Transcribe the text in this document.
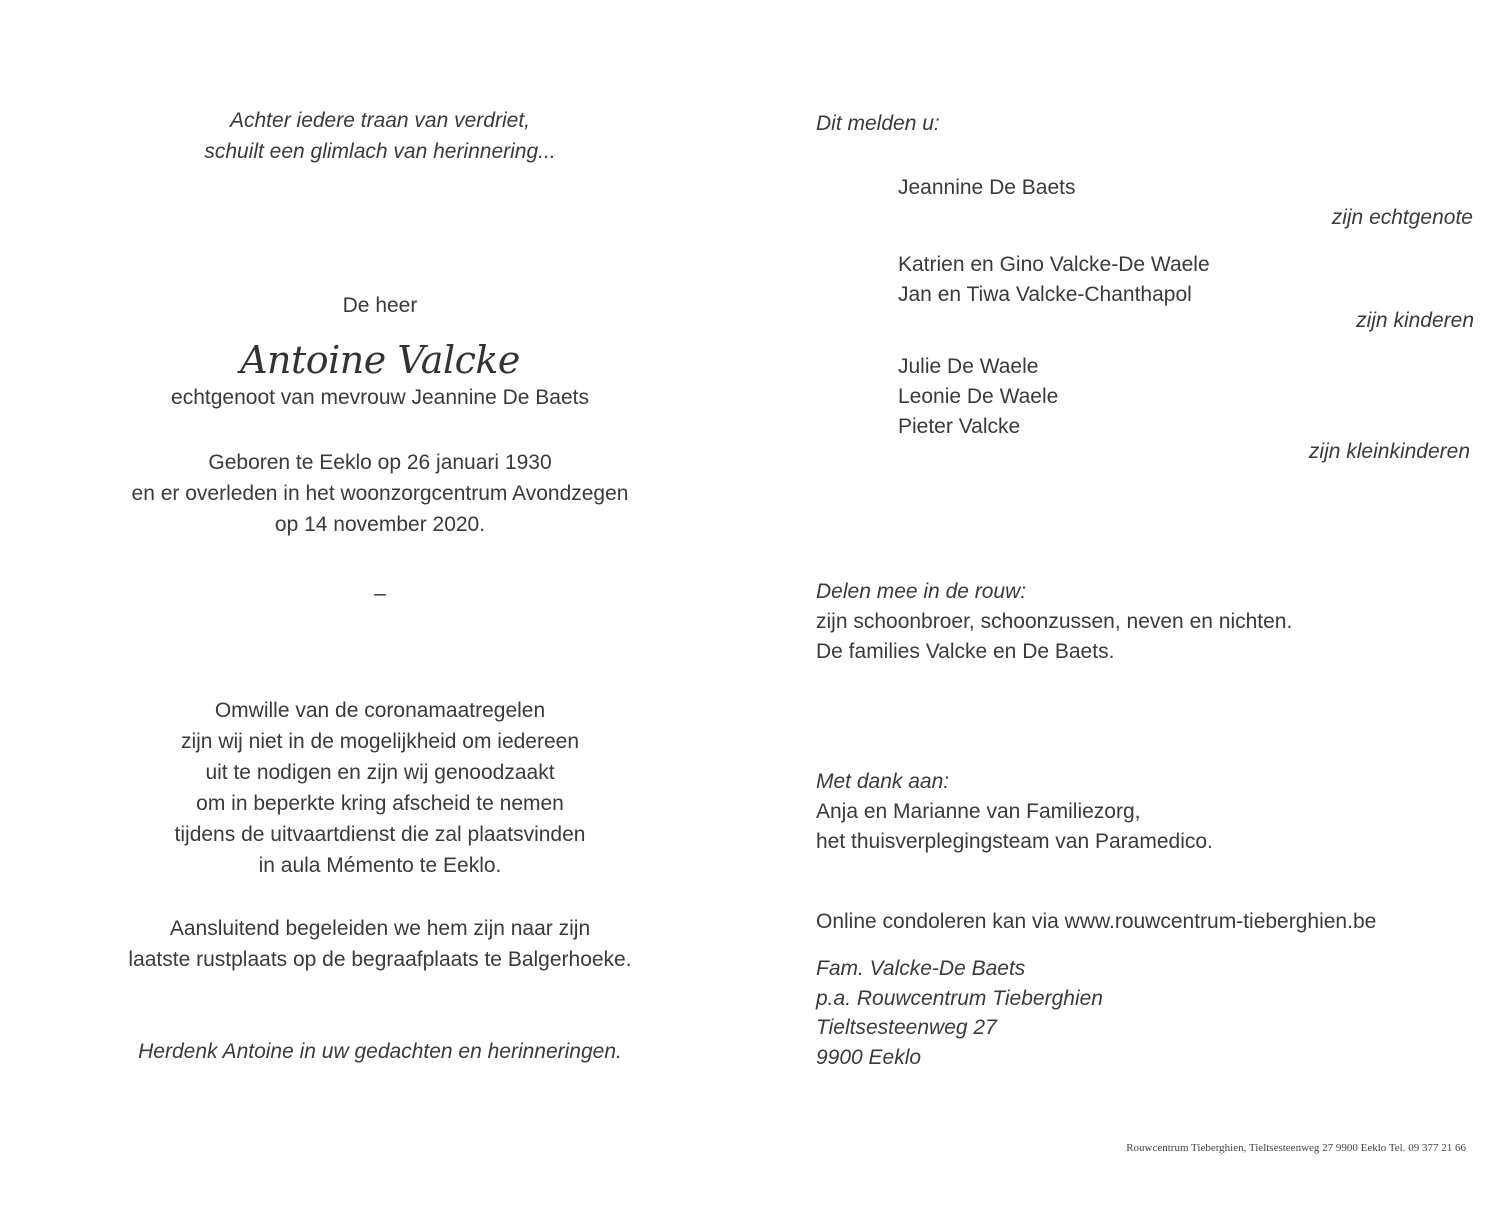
Achter iedere traan van verdriet,
schuilt een glimlach van herinnering...
De heer
Antoine Valcke
echtgenoot van mevrouw Jeannine De Baets
Geboren te Eeklo op 26 januari 1930
en er overleden in het woonzorgcentrum Avondzegen
op 14 november 2020.
–
Omwille van de coronamaatregelen
zijn wij niet in de mogelijkheid om iedereen
uit te nodigen en zijn wij genoodzaakt
om in beperkte kring afscheid te nemen
tijdens de uitvaartdienst die zal plaatsvinden
in aula Mémento te Eeklo.
Aansluitend begeleiden we hem zijn naar zijn
laatste rustplaats op de begraafplaats te Balgerhoeke.
Herdenk Antoine in uw gedachten en herinneringen.
Dit melden u:
Jeannine De Baets
zijn echtgenote
Katrien en Gino Valcke-De Waele
Jan en Tiwa Valcke-Chanthapol
zijn kinderen
Julie De Waele
Leonie De Waele
Pieter Valcke
zijn kleinkinderen
Delen mee in de rouw:
zijn schoonbroer, schoonzussen, neven en nichten.
De families Valcke en De Baets.
Met dank aan:
Anja en Marianne van Familiezorg,
het thuisverplegingsteam van Paramedico.
Online condoleren kan via www.rouwcentrum-tieberghien.be
Fam. Valcke-De Baets
p.a. Rouwcentrum Tieberghien
Tieltsesteenweg 27
9900 Eeklo
Rouwcentrum Tieberghien, Tieltsesteenweg 27 9900 Eeklo Tel. 09 377 21 66
